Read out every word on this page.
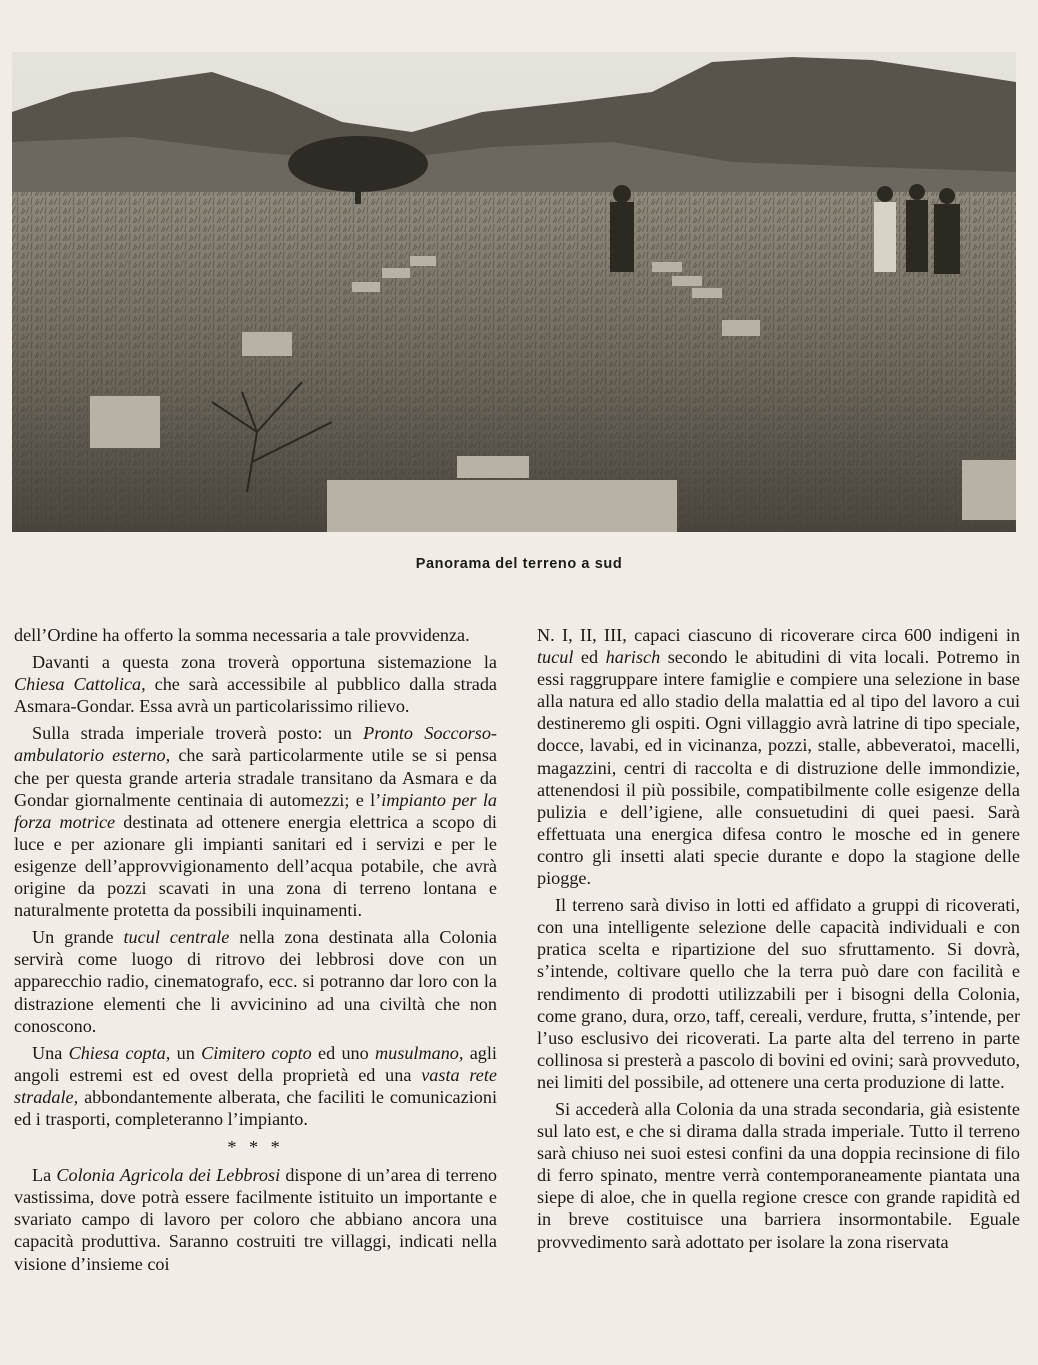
Panorama del terreno a sud

dell’Ordine ha offerto la somma necessaria a tale provvidenza.

Davanti a questa zona troverà opportuna sistemazione la Chiesa Cattolica, che sarà accessibile al pubblico dalla strada Asmara-Gondar. Essa avrà un particolarissimo rilievo.

Sulla strada imperiale troverà posto: un Pronto Soccorso-ambulatorio esterno, che sarà particolarmente utile se si pensa che per questa grande arteria stradale transitano da Asmara e da Gondar giornalmente centinaia di automezzi; e l’impianto per la forza motrice destinata ad ottenere energia elettrica a scopo di luce e per azionare gli impianti sanitari ed i servizi e per le esigenze dell’approvvigionamento dell’acqua potabile, che avrà origine da pozzi scavati in una zona di terreno lontana e naturalmente protetta da possibili inquinamenti.

Un grande tucul centrale nella zona destinata alla Colonia servirà come luogo di ritrovo dei lebbrosi dove con un apparecchio radio, cinematografo, ecc. si potranno dar loro con la distrazione elementi che li avvicinino ad una civiltà che non conoscono.

Una Chiesa copta, un Cimitero copto ed uno musulmano, agli angoli estremi est ed ovest della proprietà ed una vasta rete stradale, abbondantemente alberata, che faciliti le comunicazioni ed i trasporti, completeranno l’impianto.

* * *

La Colonia Agricola dei Lebbrosi dispone di un’area di terreno vastissima, dove potrà essere facilmente istituito un importante e svariato campo di lavoro per coloro che abbiano ancora una capacità produttiva. Saranno costruiti tre villaggi, indicati nella visione d’insieme coi

N. I, II, III, capaci ciascuno di ricoverare circa 600 indigeni in tucul ed harisch secondo le abitudini di vita locali. Potremo in essi raggruppare intere famiglie e compiere una selezione in base alla natura ed allo stadio della malattia ed al tipo del lavoro a cui destineremo gli ospiti. Ogni villaggio avrà latrine di tipo speciale, docce, lavabi, ed in vicinanza, pozzi, stalle, abbeveratoi, macelli, magazzini, centri di raccolta e di distruzione delle immondizie, attenendosi il più possibile, compatibilmente colle esigenze della pulizia e dell’igiene, alle consuetudini di quei paesi. Sarà effettuata una energica difesa contro le mosche ed in genere contro gli insetti alati specie durante e dopo la stagione delle piogge.

Il terreno sarà diviso in lotti ed affidato a gruppi di ricoverati, con una intelligente selezione delle capacità individuali e con pratica scelta e ripartizione del suo sfruttamento. Si dovrà, s’intende, coltivare quello che la terra può dare con facilità e rendimento di prodotti utilizzabili per i bisogni della Colonia, come grano, dura, orzo, taff, cereali, verdure, frutta, s’intende, per l’uso esclusivo dei ricoverati. La parte alta del terreno in parte collinosa si presterà a pascolo di bovini ed ovini; sarà provveduto, nei limiti del possibile, ad ottenere una certa produzione di latte.

Si accederà alla Colonia da una strada secondaria, già esistente sul lato est, e che si dirama dalla strada imperiale. Tutto il terreno sarà chiuso nei suoi estesi confini da una doppia recinsione di filo di ferro spinato, mentre verrà contemporaneamente piantata una siepe di aloe, che in quella regione cresce con grande rapidità ed in breve costituisce una barriera insormontabile. Eguale provvedimento sarà adottato per isolare la zona riservata
